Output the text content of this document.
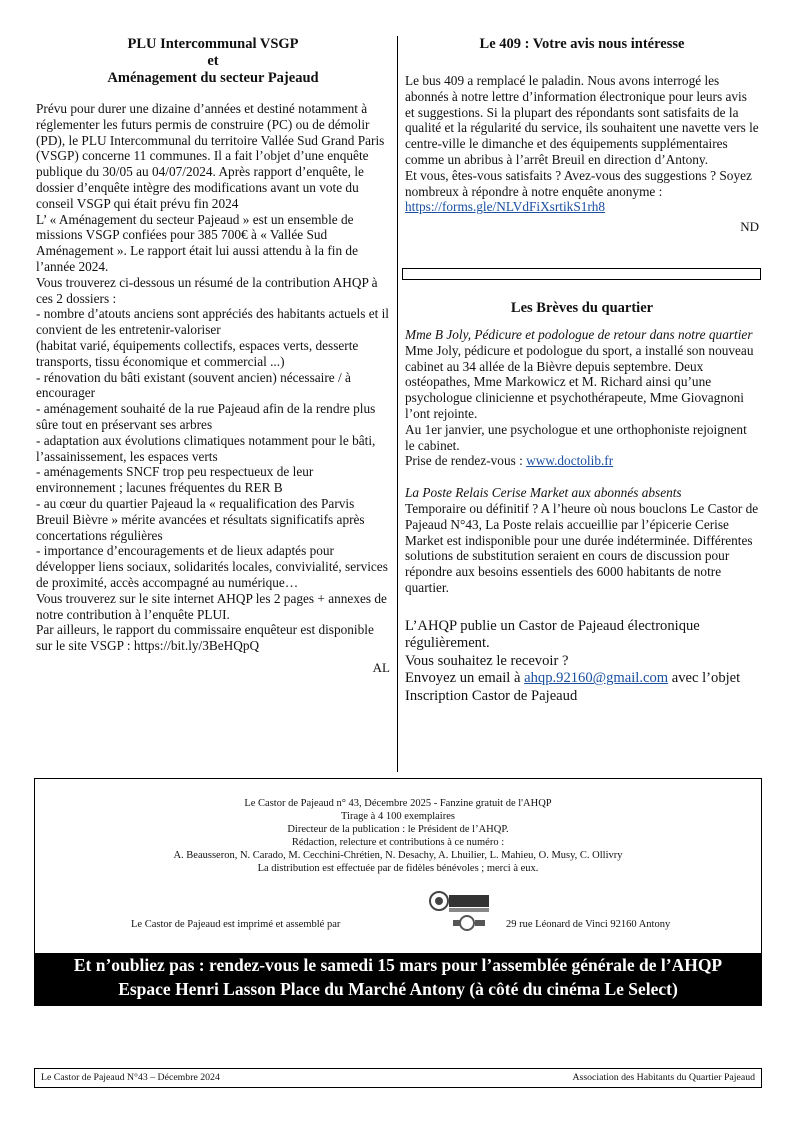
PLU Intercommunal VSGP

et

Aménagement du secteur Pajeaud

Prévu pour durer une dizaine d’années et destiné notamment à réglementer les futurs permis de construire (PC) ou de démolir (PD), le PLU Intercommunal du territoire Vallée Sud Grand Paris (VSGP) concerne 11 communes. Il a fait l’objet d’une enquête publique du 30/05 au 04/07/2024. Après rapport d’enquête, le dossier d’enquête intègre des modifications avant un vote du conseil VSGP qui était prévu fin 2024

L’ « Aménagement du secteur Pajeaud » est un ensemble de missions VSGP confiées pour 385 700€ à « Vallée Sud Aménagement ». Le rapport était lui aussi attendu à la fin de l’année 2024.

Vous trouverez ci-dessous un résumé de la contribution AHQP à ces 2 dossiers :

- nombre d’atouts anciens sont appréciés des habitants actuels et il convient de les entretenir-valoriser

(habitat varié, équipements collectifs, espaces verts, desserte transports, tissu économique et commercial ...)

- rénovation du bâti existant (souvent ancien) nécessaire / à encourager

- aménagement souhaité de la rue Pajeaud afin de la rendre plus sûre tout en préservant ses arbres

- adaptation aux évolutions climatiques notamment pour le bâti, l’assainissement, les espaces verts

- aménagements SNCF trop peu respectueux de leur environnement ; lacunes fréquentes du RER B

- au cœur du quartier Pajeaud la « requalification des Parvis Breuil Bièvre » mérite avancées et résultats significatifs après concertations régulières

- importance d’encouragements et de lieux adaptés pour développer liens sociaux, solidarités locales, convivialité, services de proximité, accès accompagné au numérique…

Vous trouverez sur le site internet AHQP les 2 pages + annexes de notre contribution à l’enquête PLUI.

Par ailleurs, le rapport du commissaire enquêteur est disponible sur le site VSGP : https://bit.ly/3BeHQpQ

AL

Le 409 : Votre avis nous intéresse

Le bus 409 a remplacé le paladin. Nous avons interrogé les abonnés à notre lettre d’information électronique pour leurs avis et suggestions. Si la plupart des répondants sont satisfaits de la qualité et la régularité du service, ils souhaitent une navette vers le centre-ville le dimanche et des équipements supplémentaires comme un abribus à l’arrêt Breuil en direction d’Antony.

Et vous, êtes-vous satisfaits ? Avez-vous des suggestions ? Soyez nombreux à répondre à notre enquête anonyme :

https://forms.gle/NLVdFiXsrtikS1rh8

ND

Les Brèves du quartier

Mme B Joly, Pédicure et podologue de retour dans notre quartier

Mme Joly, pédicure et podologue du sport, a installé son nouveau cabinet au 34 allée de la Bièvre depuis septembre. Deux ostéopathes, Mme Markowicz et M. Richard ainsi qu’une psychologue clinicienne et psychothérapeute, Mme Giovagnoni l’ont rejointe.

Au 1er janvier, une psychologue et une orthophoniste rejoignent le cabinet.

Prise de rendez-vous : www.doctolib.fr

La Poste Relais Cerise Market aux abonnés absents

Temporaire ou définitif ? A l’heure où nous bouclons Le Castor de Pajeaud N°43, La Poste relais accueillie par l’épicerie Cerise Market est indisponible pour une durée indéterminée. Différentes solutions de substitution seraient en cours de discussion pour répondre aux besoins essentiels des 6000 habitants de notre quartier.

L’AHQP publie un Castor de Pajeaud électronique régulièrement.

Vous souhaitez le recevoir ?

Envoyez un email à ahqp.92160@gmail.com avec l’objet Inscription Castor de Pajeaud

Le Castor de Pajeaud n° 43, Décembre 2025 - Fanzine gratuit de l'AHQP
Tirage à 4 100 exemplaires
Directeur de la publication : le Président de l’AHQP.
Rédaction, relecture et contributions à ce numéro :
A. Beausseron, N. Carado, M. Cecchini-Chrétien, N. Desachy, A. Lhuilier, L. Mahieu, O. Musy, C. Ollivry
La distribution est effectuée par de fidèles bénévoles ; merci à eux.
Le Castor de Pajeaud est imprimé et assemblé par	29 rue Léonard de Vinci 92160 Antony
Et n’oubliez pas : rendez-vous le samedi 15 mars pour l’assemblée générale de l’AHQP
Espace Henri Lasson Place du Marché Antony (à côté du cinéma Le Select)
Le Castor de Pajeaud N°43 – Décembre 2024	Association des Habitants du Quartier Pajeaud
